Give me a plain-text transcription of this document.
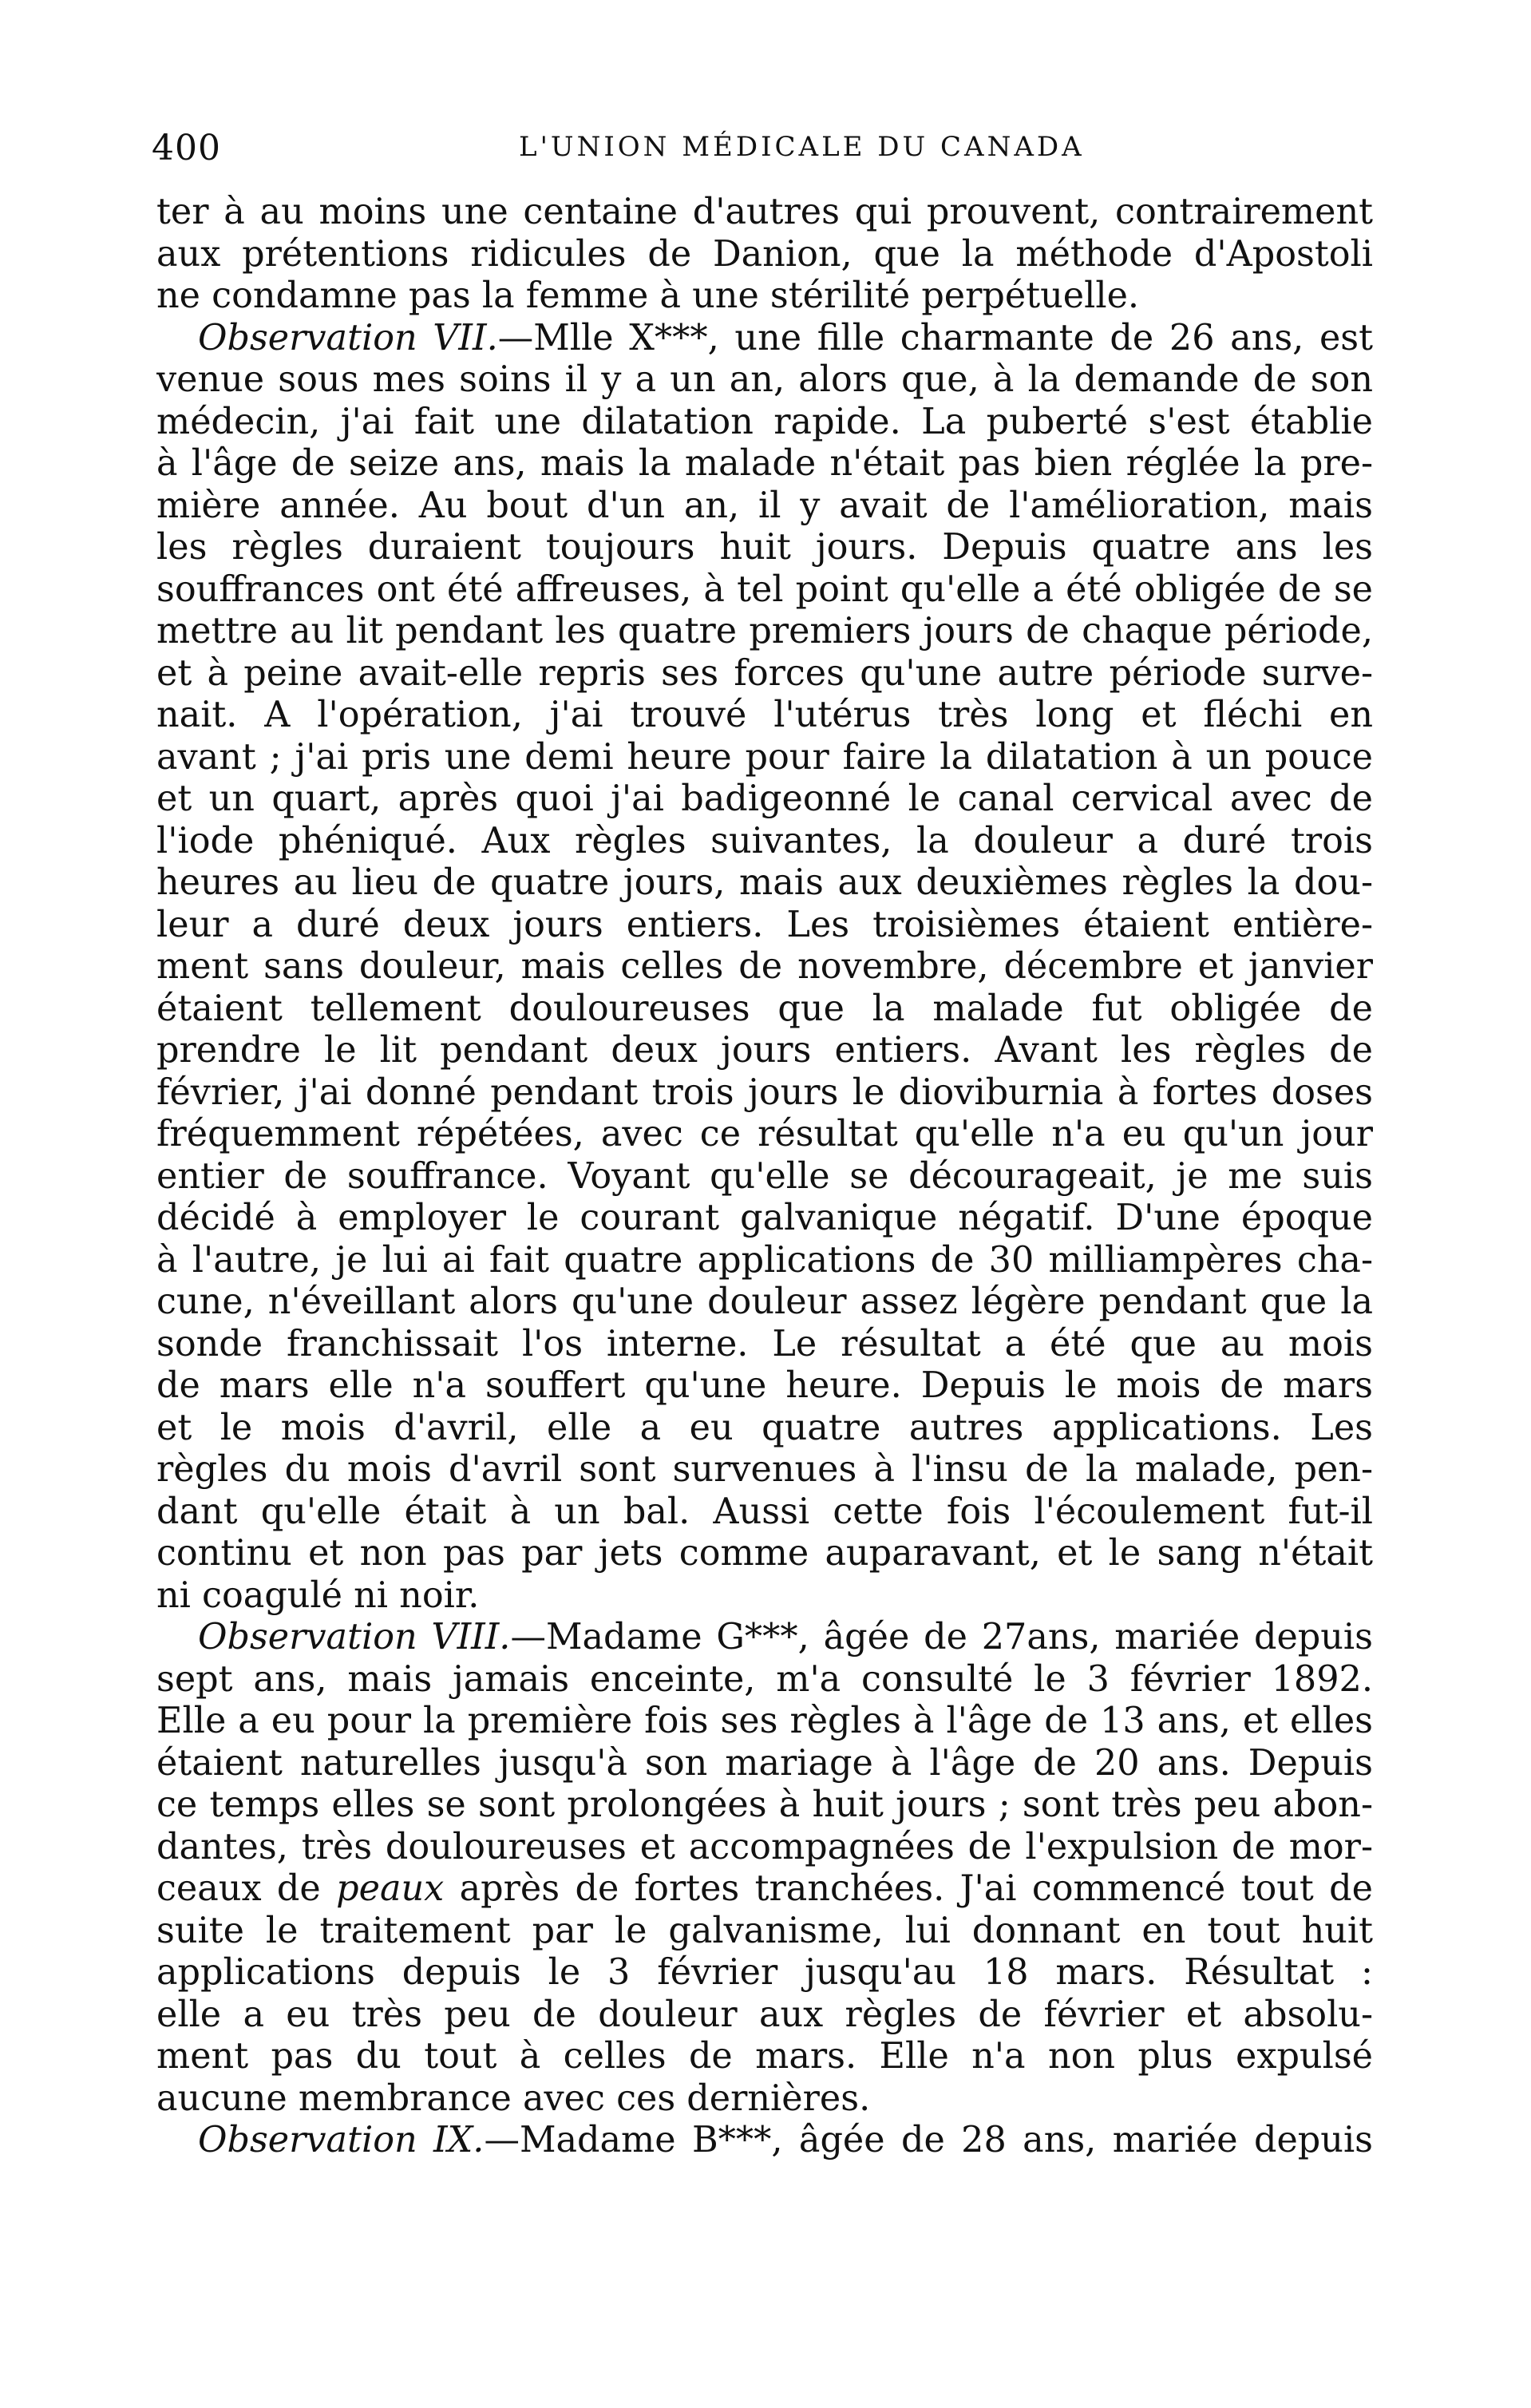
400	L'UNION MÉDICALE DU CANADA
ter à au moins une centaine d'autres qui prouvent, contrairement
aux prétentions ridicules de Danion, que la méthode d'Apostoli
ne condamne pas la femme à une stérilité perpétuelle.
Observation VII.—Mlle X***, une fille charmante de 26 ans, est
venue sous mes soins il y a un an, alors que, à la demande de son
médecin, j'ai fait une dilatation rapide. La puberté s'est établie
à l'âge de seize ans, mais la malade n'était pas bien réglée la pre-
mière année. Au bout d'un an, il y avait de l'amélioration, mais
les règles duraient toujours huit jours. Depuis quatre ans les
souffrances ont été affreuses, à tel point qu'elle a été obligée de se
mettre au lit pendant les quatre premiers jours de chaque période,
et à peine avait-elle repris ses forces qu'une autre période surve-
nait. A l'opération, j'ai trouvé l'utérus très long et fléchi en
avant ; j'ai pris une demi heure pour faire la dilatation à un pouce
et un quart, après quoi j'ai badigeonné le canal cervical avec de
l'iode phéniqué. Aux règles suivantes, la douleur a duré trois
heures au lieu de quatre jours, mais aux deuxièmes règles la dou-
leur a duré deux jours entiers. Les troisièmes étaient entière-
ment sans douleur, mais celles de novembre, décembre et janvier
étaient tellement douloureuses que la malade fut obligée de
prendre le lit pendant deux jours entiers. Avant les règles de
février, j'ai donné pendant trois jours le dioviburnia à fortes doses
fréquemment répétées, avec ce résultat qu'elle n'a eu qu'un jour
entier de souffrance. Voyant qu'elle se décourageait, je me suis
décidé à employer le courant galvanique négatif. D'une époque
à l'autre, je lui ai fait quatre applications de 30 milliampères cha-
cune, n'éveillant alors qu'une douleur assez légère pendant que la
sonde franchissait l'os interne. Le résultat a été que au mois
de mars elle n'a souffert qu'une heure. Depuis le mois de mars
et le mois d'avril, elle a eu quatre autres applications. Les
règles du mois d'avril sont survenues à l'insu de la malade, pen-
dant qu'elle était à un bal. Aussi cette fois l'écoulement fut-il
continu et non pas par jets comme auparavant, et le sang n'était
ni coagulé ni noir.
Observation VIII.—Madame G***, âgée de 27ans, mariée depuis
sept ans, mais jamais enceinte, m'a consulté le 3 février 1892.
Elle a eu pour la première fois ses règles à l'âge de 13 ans, et elles
étaient naturelles jusqu'à son mariage à l'âge de 20 ans. Depuis
ce temps elles se sont prolongées à huit jours ; sont très peu abon-
dantes, très douloureuses et accompagnées de l'expulsion de mor-
ceaux de peaux après de fortes tranchées. J'ai commencé tout de
suite le traitement par le galvanisme, lui donnant en tout huit
applications depuis le 3 février jusqu'au 18 mars. Résultat :
elle a eu très peu de douleur aux règles de février et absolu-
ment pas du tout à celles de mars. Elle n'a non plus expulsé
aucune membrance avec ces dernières.
Observation IX.—Madame B***, âgée de 28 ans, mariée depuis
